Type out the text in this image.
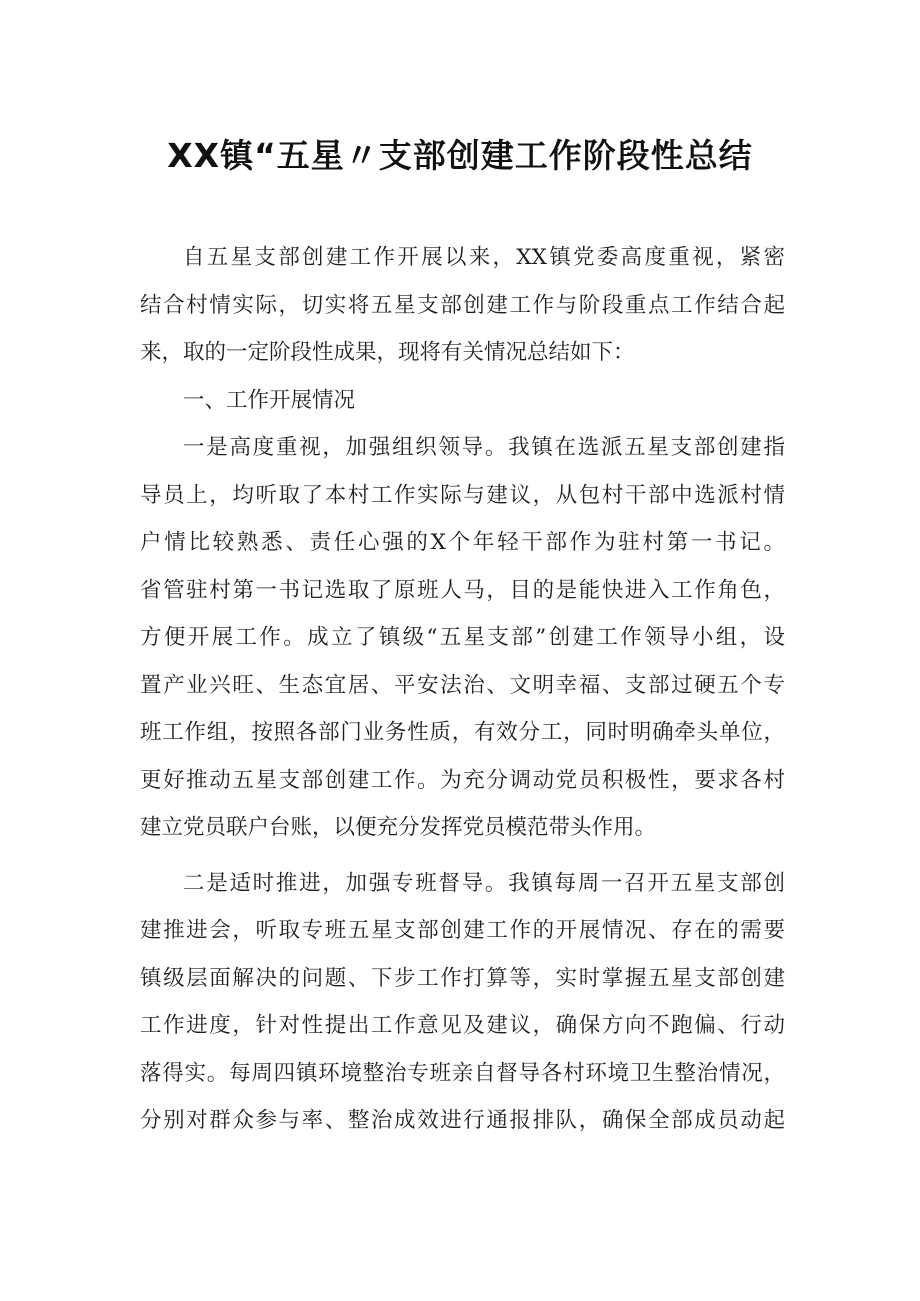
XX镇“五星〃支部创建工作阶段性总结
自五星支部创建工作开展以来，XX镇党委高度重视，紧密
结合村情实际，切实将五星支部创建工作与阶段重点工作结合起
来，取的一定阶段性成果，现将有关情况总结如下：
一、工作开展情况
一是高度重视，加强组织领导。我镇在选派五星支部创建指
导员上，均听取了本村工作实际与建议，从包村干部中选派村情
户情比较熟悉、责任心强的X个年轻干部作为驻村第一书记。
省管驻村第一书记选取了原班人马，目的是能快进入工作角色，
方便开展工作。成立了镇级“五星支部”创建工作领导小组，设
置产业兴旺、生态宜居、平安法治、文明幸福、支部过硬五个专
班工作组，按照各部门业务性质，有效分工，同时明确牵头单位，
更好推动五星支部创建工作。为充分调动党员积极性，要求各村
建立党员联户台账，以便充分发挥党员模范带头作用。
二是适时推进，加强专班督导。我镇每周一召开五星支部创
建推进会，听取专班五星支部创建工作的开展情况、存在的需要
镇级层面解决的问题、下步工作打算等，实时掌握五星支部创建
工作进度，针对性提出工作意见及建议，确保方向不跑偏、行动
落得实。每周四镇环境整治专班亲自督导各村环境卫生整治情况，
分别对群众参与率、整治成效进行通报排队，确保全部成员动起
